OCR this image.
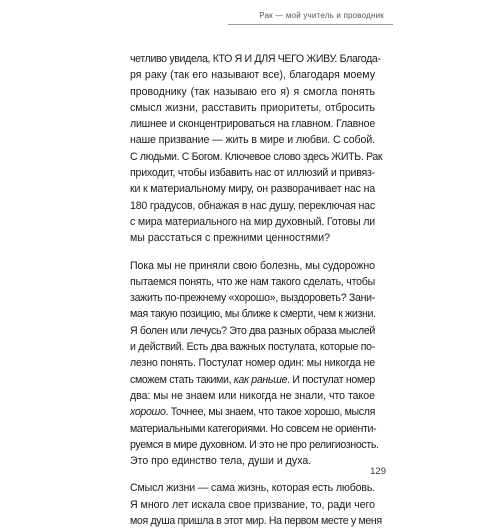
Рак — мой учитель и проводник
четливо увидела, КТО Я И ДЛЯ ЧЕГО ЖИВУ. Благода-
ря раку (так его называют все), благодаря моему
проводнику (так называю его я) я смогла понять
смысл жизни, расставить приоритеты, отбросить
лишнее и сконцентрироваться на главном. Главное
наше призвание — жить в мире и любви. С собой.
С людьми. С Богом. Ключевое слово здесь ЖИТЬ. Рак
приходит, чтобы избавить нас от иллюзий и привяз-
ки к материальному миру, он разворачивает нас на
180 градусов, обнажая в нас душу, переключая нас
с мира материального на мир духовный. Готовы ли
мы расстаться с прежними ценностями?
Пока мы не приняли свою болезнь, мы судорожно
пытаемся понять, что же нам такого сделать, чтобы
зажить по-прежнему «хорошо», выздороветь? Зани-
мая такую позицию, мы ближе к смерти, чем к жизни.
Я болен или лечусь? Это два разных образа мыслей
и действий. Есть два важных постулата, которые по-
лезно понять. Постулат номер один: мы никогда не
сможем стать такими, как раньше. И постулат номер
два: мы не знаем или никогда не знали, что такое
хорошо. Точнее, мы знаем, что такое хорошо, мысля
материальными категориями. Но совсем не ориенти-
руемся в мире духовном. И это не про религиозность.
Это про единство тела, души и духа.
Смысл жизни — сама жизнь, которая есть любовь.
Я много лет искала свое призвание, то, ради чего
моя душа пришла в этот мир. На первом месте у меня
129
